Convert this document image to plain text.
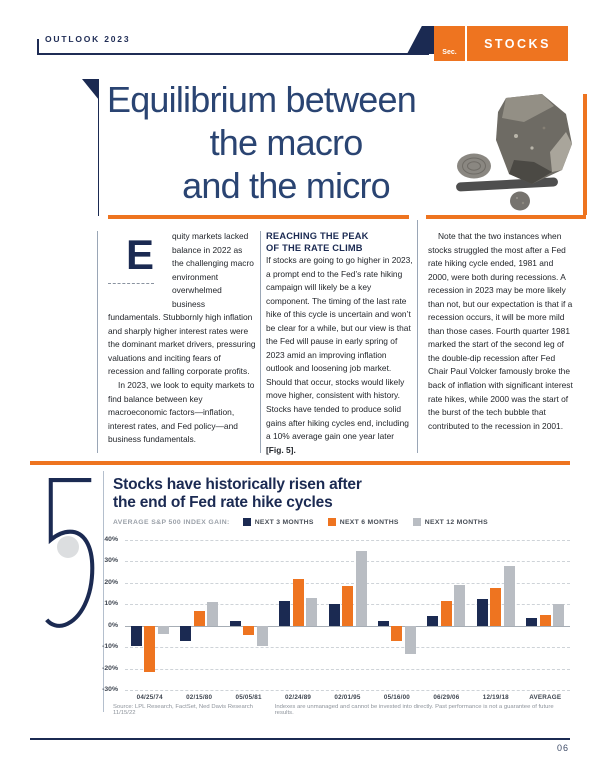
OUTLOOK 2023
Sec.
STOCKS
Equilibrium between
the macro
and the micro

E quity markets lacked balance in 2022 as the challenging macro environment overwhelmed business fundamentals. Stubbornly high inflation and sharply higher interest rates were the dominant market drivers, pressuring valuations and inciting fears of recession and falling corporate profits.

In 2023, we look to equity markets to find balance between key macroeconomic factors—inflation, interest rates, and Fed policy—and business fundamentals.

REACHING THE PEAK
OF THE RATE CLIMB

If stocks are going to go higher in 2023, a prompt end to the Fed’s rate hiking campaign will likely be a key component. The timing of the last rate hike of this cycle is uncertain and won’t be clear for a while, but our view is that the Fed will pause in early spring of 2023 amid an improving inflation outlook and loosening job market. Should that occur, stocks would likely move higher, consistent with history. Stocks have tended to produce solid gains after hiking cycles end, including a 10% average gain one year later [Fig. 5].

Note that the two instances when stocks struggled the most after a Fed rate hiking cycle ended, 1981 and 2000, were both during recessions. A recession in 2023 may be more likely than not, but our expectation is that if a recession occurs, it will be more mild than those cases. Fourth quarter 1981 marked the start of the second leg of the double-dip recession after Fed Chair Paul Volcker famously broke the back of inflation with significant interest rate hikes, while 2000 was the start of the burst of the tech bubble that contributed to the recession in 2001.

Stocks have historically risen after
the end of Fed rate hike cycles
AVERAGE S&P 500 INDEX GAIN:	NEXT 3 MONTHS	NEXT 6 MONTHS	NEXT 12 MONTHS
40%
30%
20%
10%
0%
-10%
-20%
-30%
04/25/74	02/15/80	05/05/81	02/24/89	02/01/95	05/16/00	06/29/06	12/19/18	AVERAGE
Source: LPL Research, FactSet, Ned Davis Research 11/15/22
Indexes are unmanaged and cannot be invested into directly. Past performance is not a guarantee of future results.
06
